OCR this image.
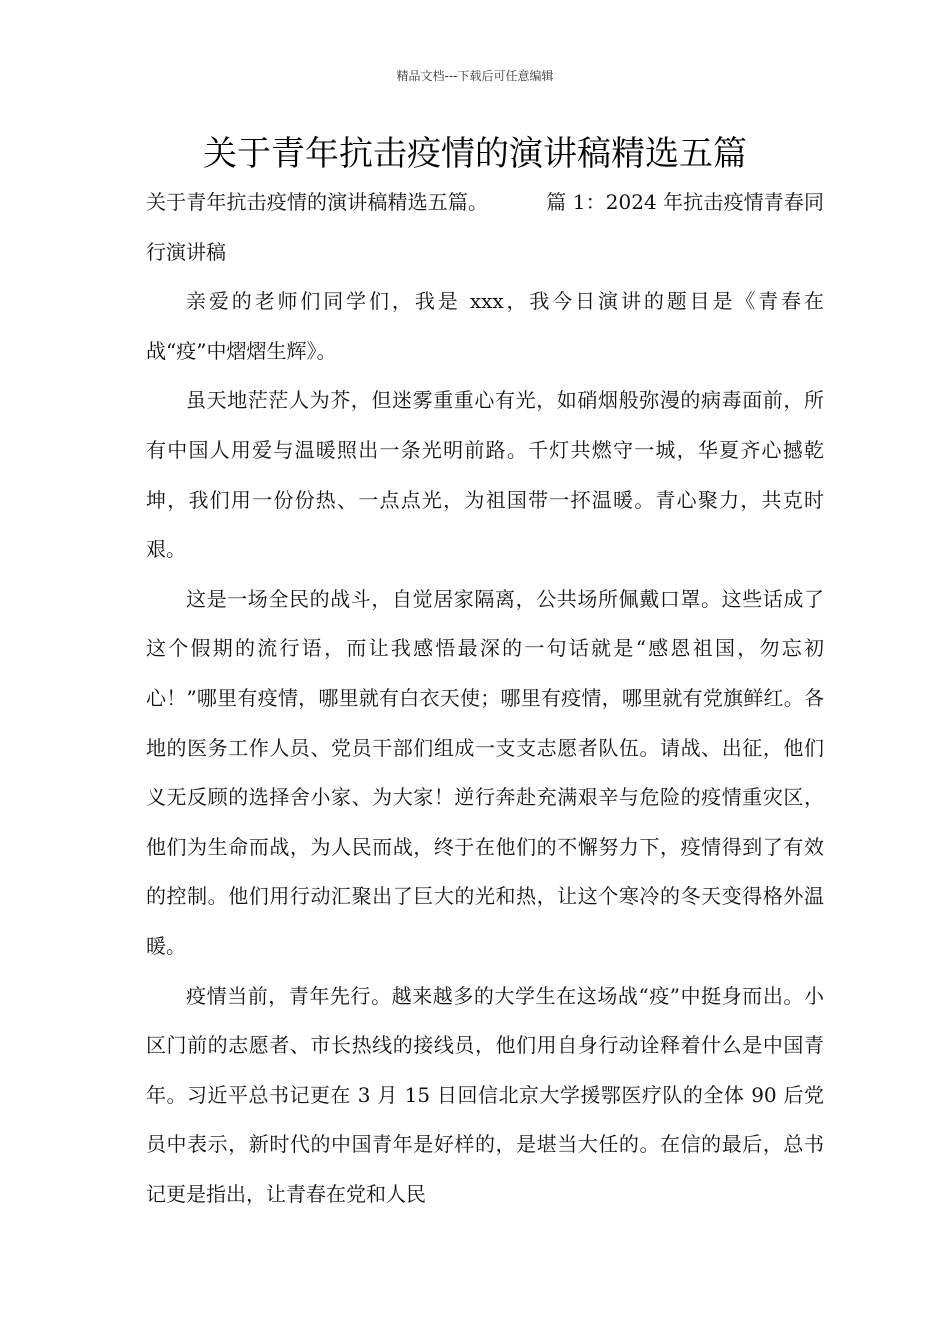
精品文档---下载后可任意编辑
关于青年抗击疫情的演讲稿精选五篇

关于青年抗击疫情的演讲稿精选五篇。	篇 1：2024 年抗击疫情青春同行演讲稿

亲爱的老师们同学们，我是 xxx，我今日演讲的题目是《青春在战“疫”中熠熠生辉》。

虽天地茫茫人为芥，但迷雾重重心有光，如硝烟般弥漫的病毒面前，所有中国人用爱与温暖照出一条光明前路。千灯共燃守一城，华夏齐心撼乾坤，我们用一份份热、一点点光，为祖国带一抔温暖。青心聚力，共克时艰。

这是一场全民的战斗，自觉居家隔离，公共场所佩戴口罩。这些话成了这个假期的流行语，而让我感悟最深的一句话就是“感恩祖国，勿忘初心！”哪里有疫情，哪里就有白衣天使；哪里有疫情，哪里就有党旗鲜红。各地的医务工作人员、党员干部们组成一支支志愿者队伍。请战、出征，他们义无反顾的选择舍小家、为大家！逆行奔赴充满艰辛与危险的疫情重灾区，他们为生命而战，为人民而战，终于在他们的不懈努力下，疫情得到了有效的控制。他们用行动汇聚出了巨大的光和热，让这个寒冷的冬天变得格外温暖。

疫情当前，青年先行。越来越多的大学生在这场战“疫”中挺身而出。小区门前的志愿者、市长热线的接线员，他们用自身行动诠释着什么是中国青年。习近平总书记更在 3 月 15 日回信北京大学援鄂医疗队的全体 90 后党员中表示，新时代的中国青年是好样的，是堪当大任的。在信的最后，总书记更是指出，让青春在党和人民
